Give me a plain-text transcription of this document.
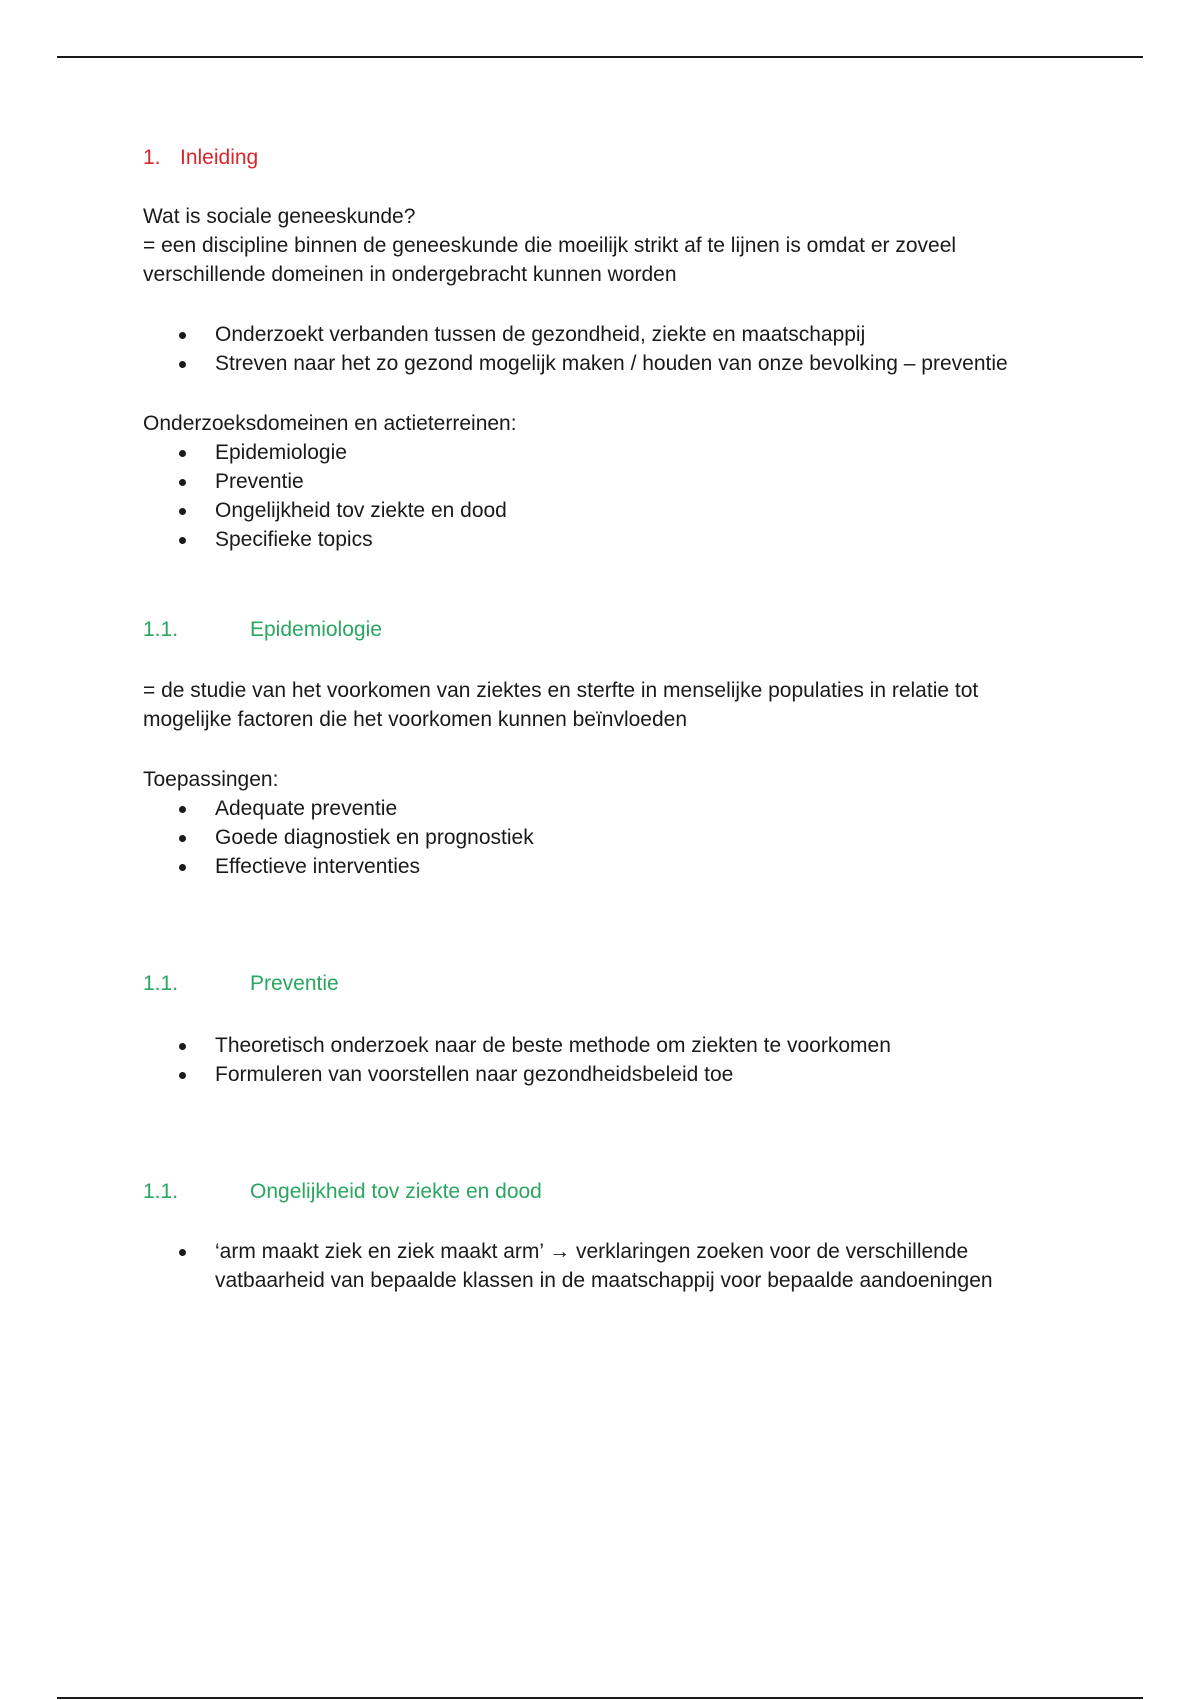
1. Inleiding

Wat is sociale geneeskunde?

= een discipline binnen de geneeskunde die moeilijk strikt af te lijnen is omdat er zoveel

verschillende domeinen in ondergebracht kunnen worden

Onderzoekt verbanden tussen de gezondheid, ziekte en maatschappij
Streven naar het zo gezond mogelijk maken / houden van onze bevolking – preventie

Onderzoeksdomeinen en actieterreinen:

Epidemiologie
Preventie
Ongelijkheid tov ziekte en dood
Specifieke topics
1.1.	Epidemiologie

= de studie van het voorkomen van ziektes en sterfte in menselijke populaties in relatie tot

mogelijke factoren die het voorkomen kunnen beïnvloeden

Toepassingen:

Adequate preventie
Goede diagnostiek en prognostiek
Effectieve interventies
1.1.	Preventie
Theoretisch onderzoek naar de beste methode om ziekten te voorkomen
Formuleren van voorstellen naar gezondheidsbeleid toe
1.1.	Ongelijkheid tov ziekte en dood
‘arm maakt ziek en ziek maakt arm’ → verklaringen zoeken voor de verschillende
vatbaarheid van bepaalde klassen in de maatschappij voor bepaalde aandoeningen
